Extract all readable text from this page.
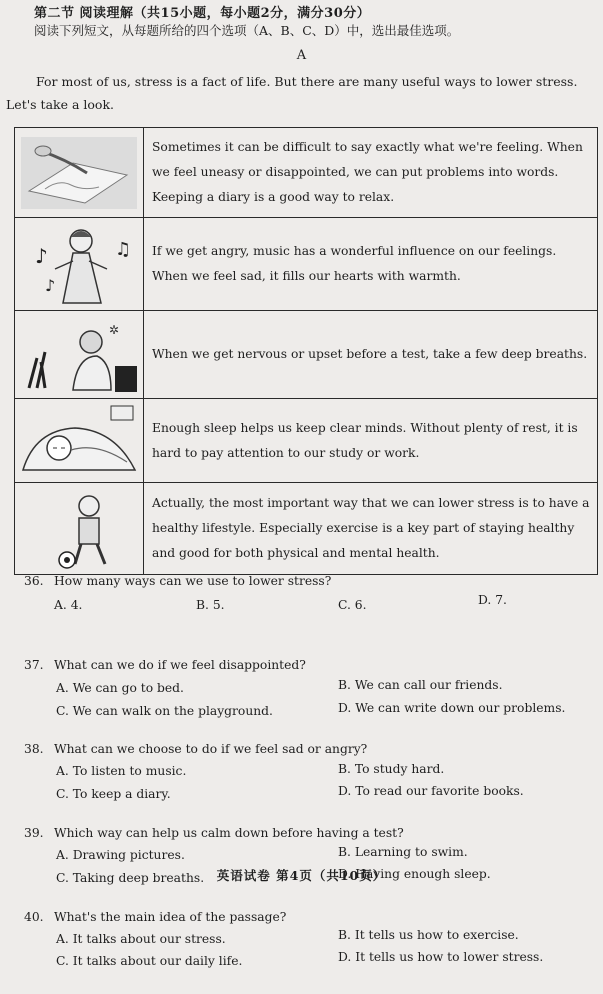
第二节 阅读理解（共15小题，每小题2分，满分30分）
阅读下列短文，从每题所给的四个选项（A、B、C、D）中，选出最佳选项。
A
For most of us, stress is a fact of life. But there are many useful ways to lower stress. Let's take a look.
	Sometimes it can be difficult to say exactly what we're feeling. When we feel uneasy or disappointed, we can put problems into words. Keeping a diary is a good way to relax.

♪ ♫
♪	If we get angry, music has a wonderful influence on our feelings. When we feel sad, it fills our hearts with warmth.

✲	When we get nervous or upset before a test, take a few deep breaths.

	Enough sleep helps us keep clear minds. Without plenty of rest, it is hard to pay attention to our study or work.

	Actually, the most important way that we can lower stress is to have a healthy lifestyle. Especially exercise is a key part of staying healthy and good for both physical and mental health.
36. How many ways can we use to lower stress?
A. 4.	B. 5.	C. 6.	D. 7.
37. What can we do if we feel disappointed?
A. We can go to bed.	B. We can call our friends.
C. We can walk on the playground.	D. We can write down our problems.
38. What can we choose to do if we feel sad or angry?
A. To listen to music.	B. To study hard.
C. To keep a diary.	D. To read our favorite books.
39. Which way can help us calm down before having a test?
A. Drawing pictures.	B. Learning to swim.
C. Taking deep breaths.	D. Having enough sleep.
40. What's the main idea of the passage?
A. It talks about our stress.	B. It tells us how to exercise.
C. It talks about our daily life.	D. It tells us how to lower stress.
英语试卷 第4页（共10页）
